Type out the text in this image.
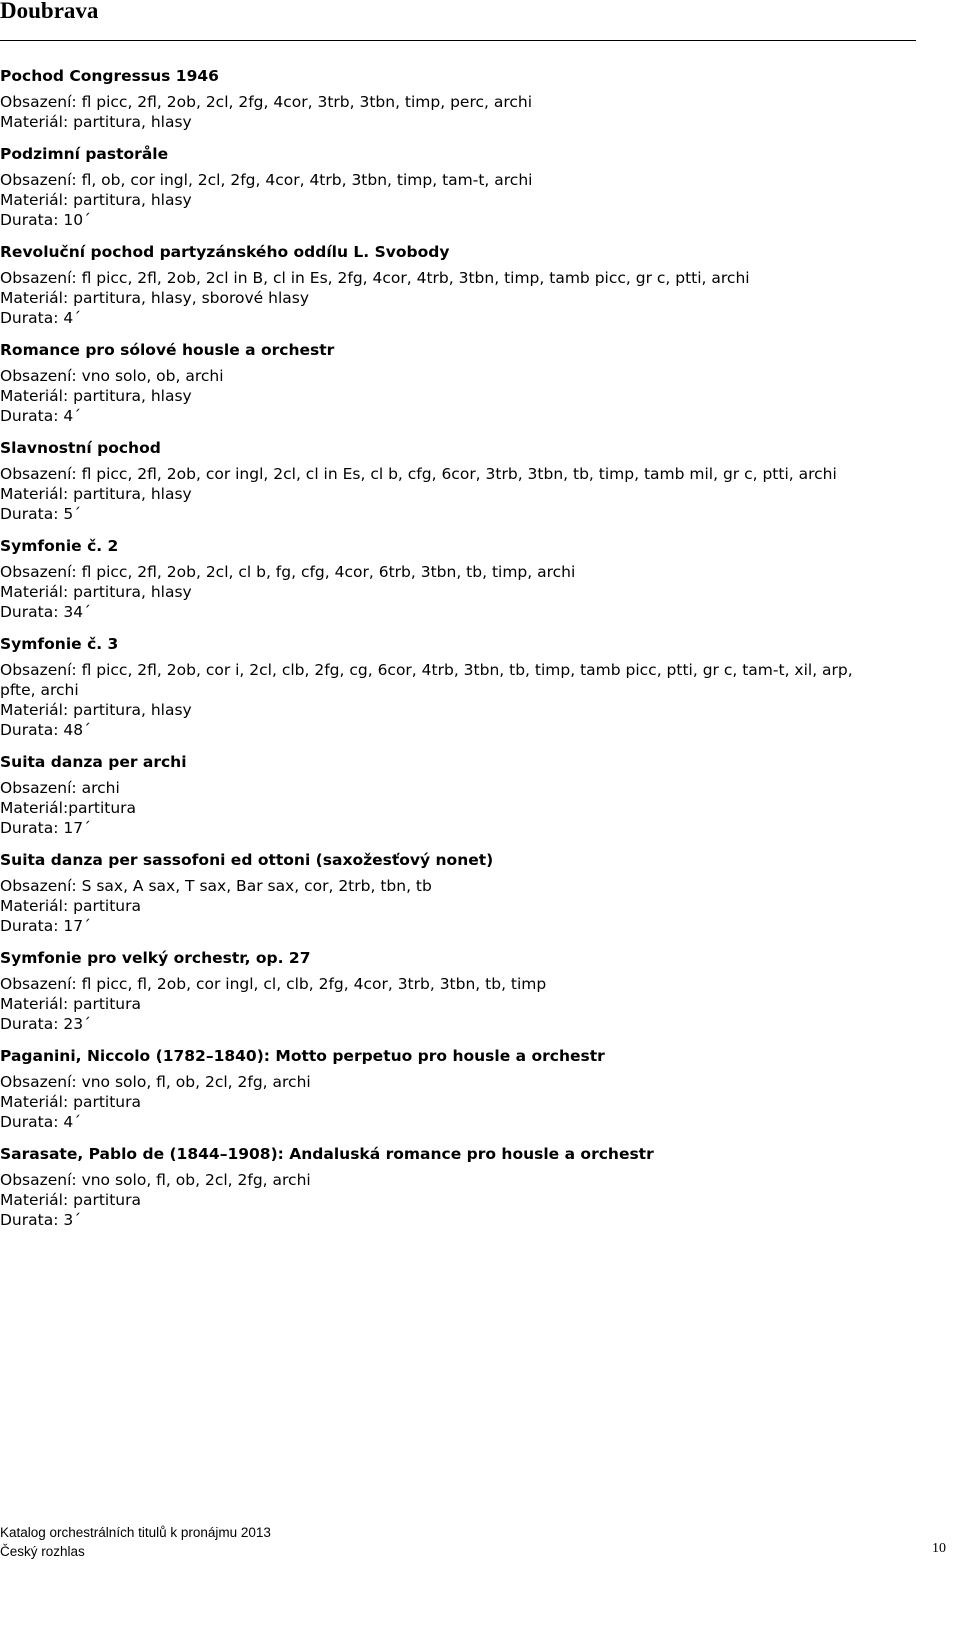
Doubrava
Pochod Congressus 1946
Obsazení: fl picc, 2fl, 2ob, 2cl, 2fg, 4cor, 3trb, 3tbn, timp, perc, archi
Materiál: partitura, hlasy
Podzimní pastoråle
Obsazení: fl, ob, cor ingl, 2cl, 2fg, 4cor, 4trb, 3tbn, timp, tam-t, archi
Materiál: partitura, hlasy
Durata: 10´
Revoluční pochod partyzánského oddílu L. Svobody
Obsazení: fl picc, 2fl, 2ob, 2cl in B, cl in Es, 2fg, 4cor, 4trb, 3tbn, timp, tamb picc, gr c, ptti, archi
Materiál: partitura, hlasy, sborové hlasy
Durata: 4´
Romance pro sólové housle a orchestr
Obsazení: vno solo, ob, archi
Materiál: partitura, hlasy
Durata: 4´
Slavnostní pochod
Obsazení: fl picc, 2fl, 2ob, cor ingl, 2cl, cl in Es, cl b, cfg, 6cor, 3trb, 3tbn, tb, timp, tamb mil, gr c, ptti, archi
Materiál: partitura, hlasy
Durata: 5´
Symfonie č. 2
Obsazení: fl picc, 2fl, 2ob, 2cl, cl b, fg, cfg, 4cor, 6trb, 3tbn, tb, timp, archi
Materiál: partitura, hlasy
Durata: 34´
Symfonie č. 3
Obsazení: fl picc, 2fl, 2ob, cor i, 2cl, clb, 2fg, cg, 6cor, 4trb, 3tbn, tb, timp, tamb picc, ptti, gr c, tam-t, xil, arp,
pfte, archi
Materiál: partitura, hlasy
Durata: 48´
Suita danza per archi
Obsazení: archi
Materiál:partitura
Durata: 17´
Suita danza per sassofoni ed ottoni (saxožesťový nonet)
Obsazení: S sax, A sax, T sax, Bar sax, cor, 2trb, tbn, tb
Materiál: partitura
Durata: 17´
Symfonie pro velký orchestr, op. 27
Obsazení: fl picc, fl, 2ob, cor ingl, cl, clb, 2fg, 4cor, 3trb, 3tbn, tb, timp
Materiál: partitura
Durata: 23´
Paganini, Niccolo (1782–1840): Motto perpetuo pro housle a orchestr
Obsazení: vno solo, fl, ob, 2cl, 2fg, archi
Materiál: partitura
Durata: 4´
Sarasate, Pablo de (1844–1908): Andaluská romance pro housle a orchestr
Obsazení: vno solo, fl, ob, 2cl, 2fg, archi
Materiál: partitura
Durata: 3´
Katalog orchestrálních titulů k pronájmu 2013
Český rozhlas	10
